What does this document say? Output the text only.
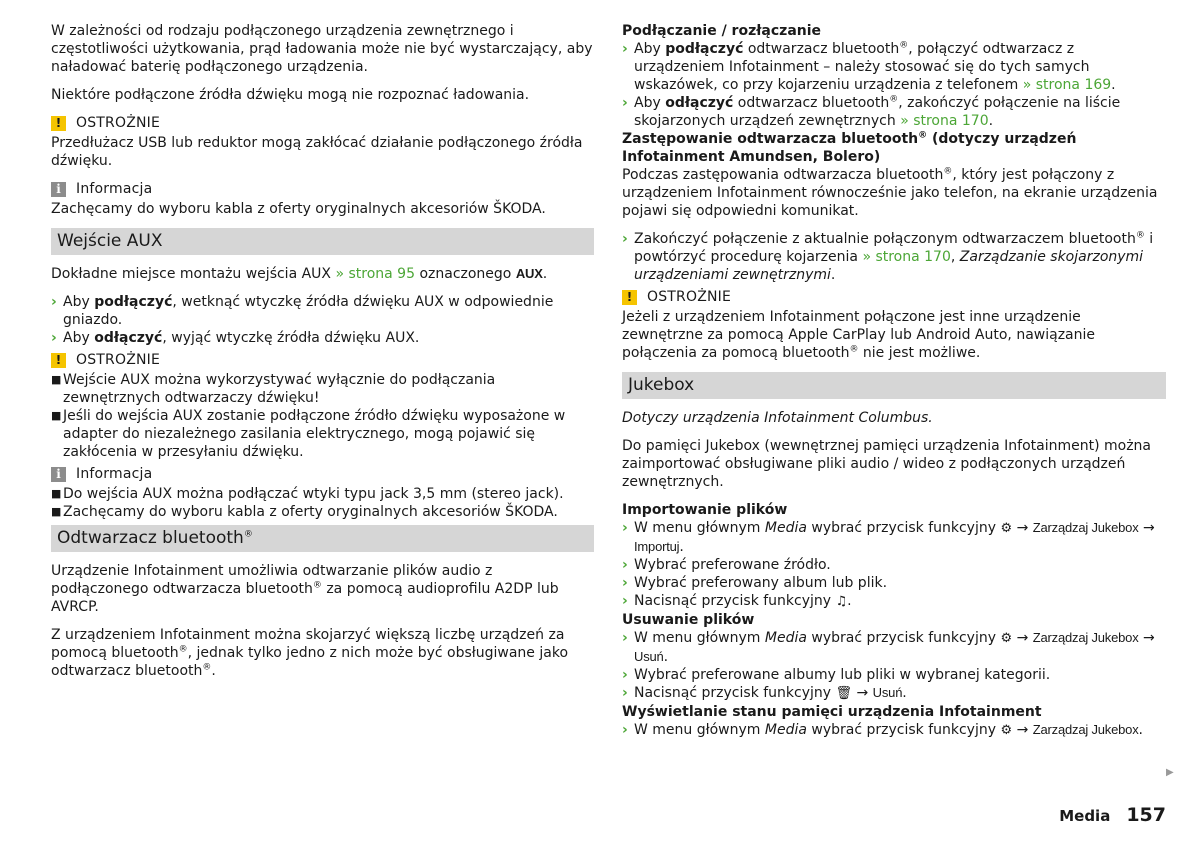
W zależności od rodzaju podłączonego urządzenia zewnętrznego i częstotliwości użytkowania, prąd ładowania może nie być wystarczający, aby naładować baterię podłączonego urządzenia.

Niektóre podłączone źródła dźwięku mogą nie rozpoznać ładowania.

!	OSTROŻNIE

Przedłużacz USB lub reduktor mogą zakłócać działanie podłączonego źródła dźwięku.

i	Informacja

Zachęcamy do wyboru kabla z oferty oryginalnych akcesoriów ŠKODA.

Wejście AUX

Dokładne miejsce montażu wejścia AUX » strona 95 oznaczonego AUX.

› Aby podłączyć, wetknąć wtyczkę źródła dźwięku AUX w odpowiednie gniazdo.
› Aby odłączyć, wyjąć wtyczkę źródła dźwięku AUX.
!	OSTROŻNIE
■ Wejście AUX można wykorzystywać wyłącznie do podłączania zewnętrznych odtwarzaczy dźwięku!
■ Jeśli do wejścia AUX zostanie podłączone źródło dźwięku wyposażone w adapter do niezależnego zasilania elektrycznego, mogą pojawić się zakłócenia w przesyłaniu dźwięku.
i	Informacja
■ Do wejścia AUX można podłączać wtyki typu jack 3,5 mm (stereo jack).
■ Zachęcamy do wyboru kabla z oferty oryginalnych akcesoriów ŠKODA.
Odtwarzacz bluetooth®

Urządzenie Infotainment umożliwia odtwarzanie plików audio z podłączonego odtwarzacza bluetooth® za pomocą audioprofilu A2DP lub AVRCP.

Z urządzeniem Infotainment można skojarzyć większą liczbę urządzeń za pomocą bluetooth®, jednak tylko jedno z nich może być obsługiwane jako odtwarzacz bluetooth®.

Podłączanie / rozłączanie

› Aby podłączyć odtwarzacz bluetooth®, połączyć odtwarzacz z urządzeniem Infotainment – należy stosować się do tych samych wskazówek, co przy kojarzeniu urządzenia z telefonem » strona 169.
› Aby odłączyć odtwarzacz bluetooth®, zakończyć połączenie na liście skojarzonych urządzeń zewnętrznych » strona 170.

Zastępowanie odtwarzacza bluetooth® (dotyczy urządzeń Infotainment Amundsen, Bolero)

Podczas zastępowania odtwarzacza bluetooth®, który jest połączony z urządzeniem Infotainment równocześnie jako telefon, na ekranie urządzenia pojawi się odpowiedni komunikat.

› Zakończyć połączenie z aktualnie połączonym odtwarzaczem bluetooth® i powtórzyć procedurę kojarzenia » strona 170, Zarządzanie skojarzonymi urządzeniami zewnętrznymi.
!	OSTROŻNIE

Jeżeli z urządzeniem Infotainment połączone jest inne urządzenie zewnętrzne za pomocą Apple CarPlay lub Android Auto, nawiązanie połączenia za pomocą bluetooth® nie jest możliwe.

Jukebox

Dotyczy urządzenia Infotainment Columbus.

Do pamięci Jukebox (wewnętrznej pamięci urządzenia Infotainment) można zaimportować obsługiwane pliki audio / wideo z podłączonych urządzeń zewnętrznych.

Importowanie plików

› W menu głównym Media wybrać przycisk funkcyjny ⚙ → Zarządzaj Jukebox → Importuj.
› Wybrać preferowane źródło.
› Wybrać preferowany album lub plik.
› Nacisnąć przycisk funkcyjny ♫.

Usuwanie plików

› W menu głównym Media wybrać przycisk funkcyjny ⚙ → Zarządzaj Jukebox → Usuń.
› Wybrać preferowane albumy lub pliki w wybranej kategorii.
› Nacisnąć przycisk funkcyjny 🗑 → Usuń.

Wyświetlanie stanu pamięci urządzenia Infotainment

› W menu głównym Media wybrać przycisk funkcyjny ⚙ → Zarządzaj Jukebox.
▶
Media 157
